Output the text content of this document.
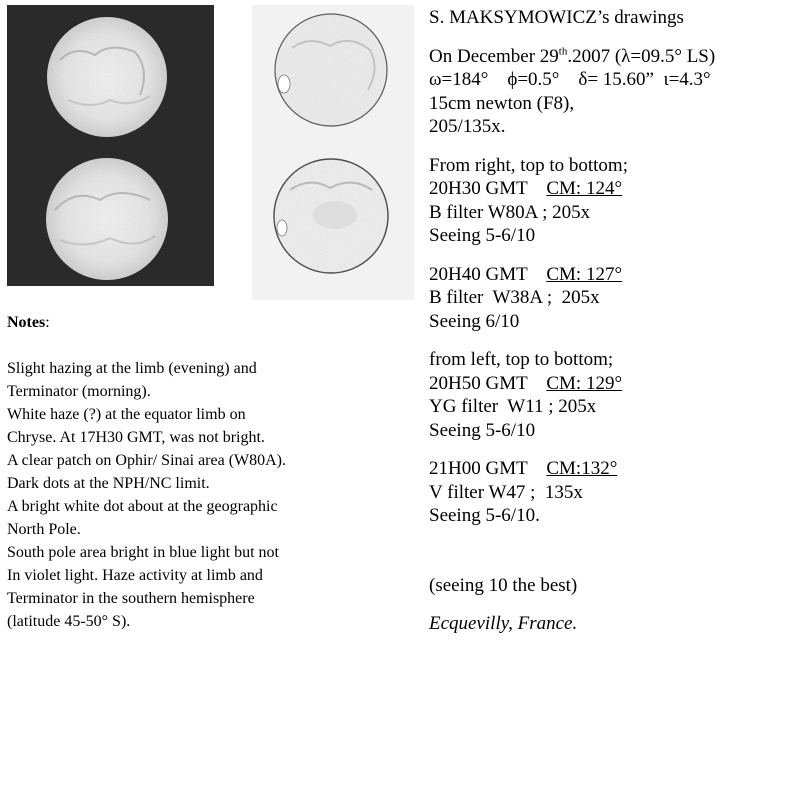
S. MAKSYMOWICZ’s drawings
On December 29th.2007 (λ=09.5° LS)
ω=184°    ϕ=0.5°    δ= 15.60”  ι=4.3°
15cm newton (F8),
205/135x.
From right, top to bottom;
20H30 GMT CM: 124°
B filter W80A ; 205x
Seeing 5-6/10
20H40 GMT CM: 127°
B filter  W38A ;  205x
Seeing 6/10
from left, top to bottom;
20H50 GMT CM: 129°
YG filter  W11 ; 205x
Seeing 5-6/10
21H00 GMT CM:132°
V filter W47 ;  135x
Seeing 5-6/10.
(seeing 10 the best)
Ecquevilly, France.
Notes:
Slight hazing at the limb (evening) and
Terminator (morning).
White haze (?) at the equator limb on
Chryse. At 17H30 GMT, was not bright.
A clear patch on Ophir/ Sinai area (W80A).
Dark dots at the NPH/NC limit.
A bright white dot about at the geographic
North Pole.
South pole area bright in blue light but not
In violet light. Haze activity at limb and
Terminator in the southern hemisphere
(latitude 45-50° S).
